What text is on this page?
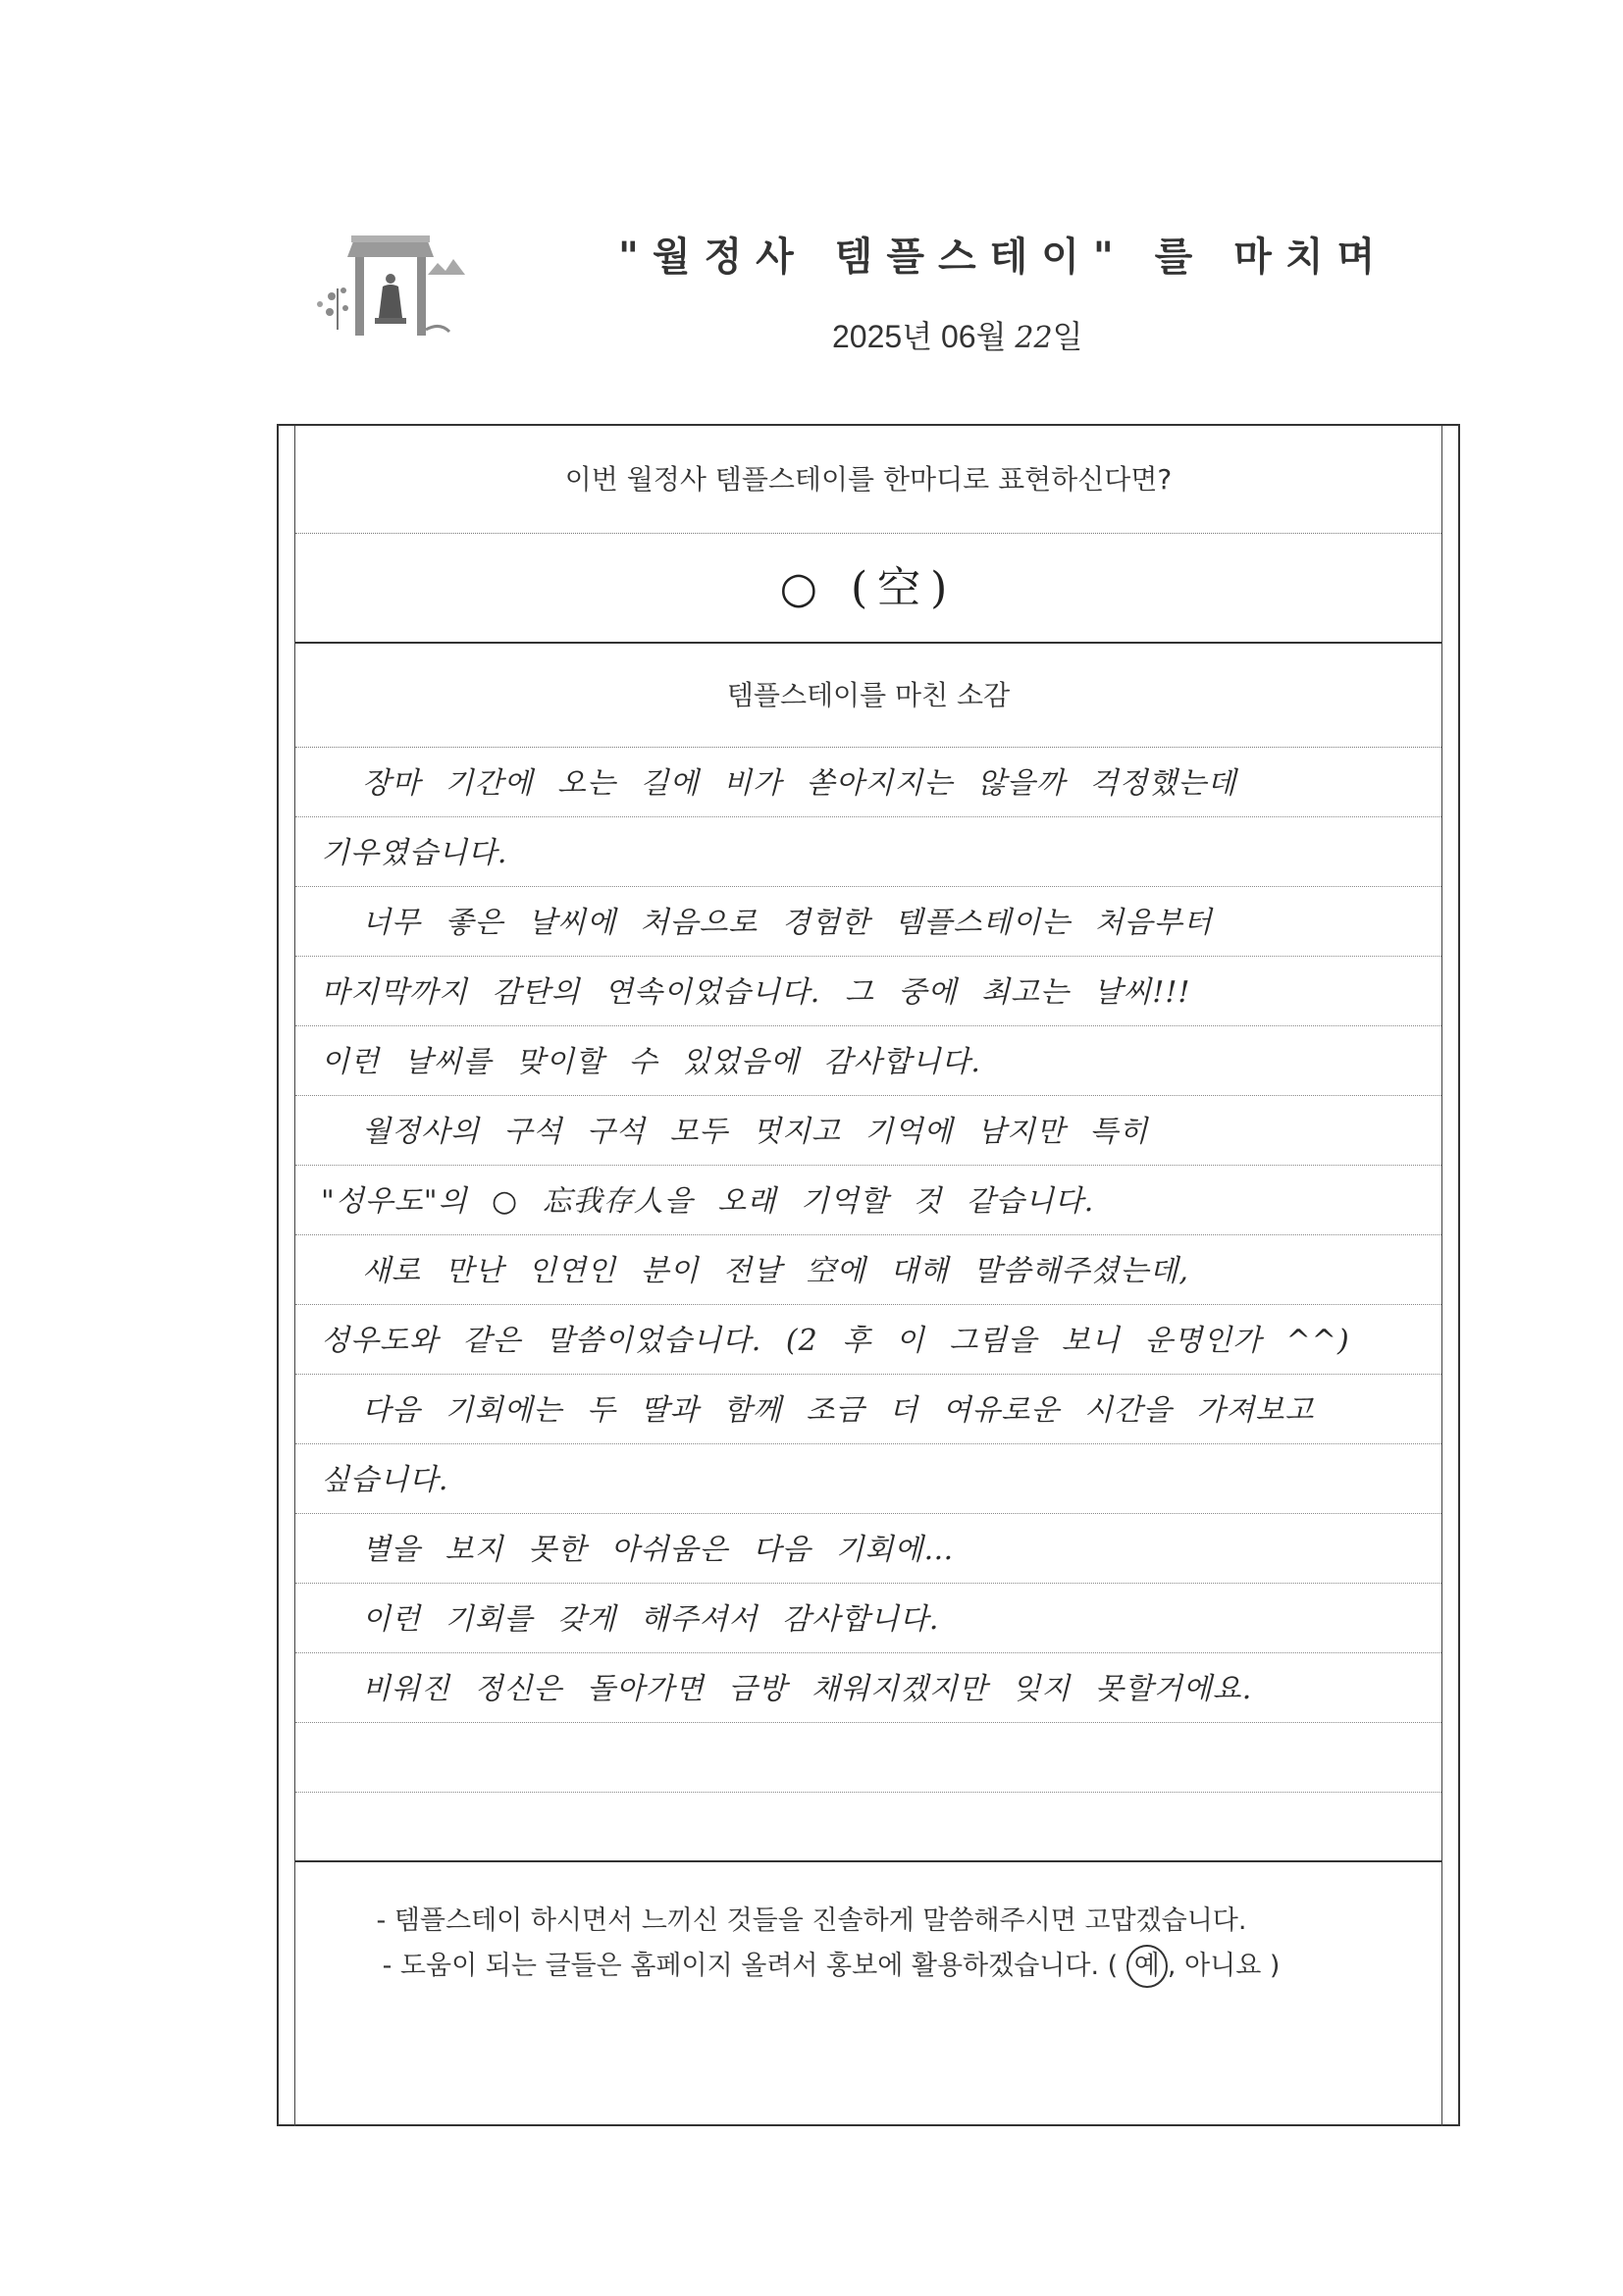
"월정사 템플스테이" 를 마치며
2025년 06월 22일
이번 월정사 템플스테이를 한마디로 표현하신다면?
○ (空)
템플스테이를 마친 소감
장마 기간에 오는 길에 비가 쏟아지지는 않을까 걱정했는데
기우였습니다.
너무 좋은 날씨에 처음으로 경험한 템플스테이는 처음부터
마지막까지 감탄의 연속이었습니다. 그 중에 최고는 날씨!!!
이런 날씨를 맞이할 수 있었음에 감사합니다.
월정사의 구석 구석 모두 멋지고 기억에 남지만 특히
"성우도"의 ○ 忘我存人을 오래 기억할 것 같습니다.
새로 만난 인연인 분이 전날 空에 대해 말씀해주셨는데,
성우도와 같은 말씀이었습니다. (2 후 이 그림을 보니 운명인가 ^^)
다음 기회에는 두 딸과 함께 조금 더 여유로운 시간을 가져보고
싶습니다.
별을 보지 못한 아쉬움은 다음 기회에…
이런 기회를 갖게 해주셔서 감사합니다.
비워진 정신은 돌아가면 금방 채워지겠지만 잊지 못할거에요.
- 템플스테이 하시면서 느끼신 것들을 진솔하게 말씀해주시면 고맙겠습니다.
- 도움이 되는 글들은 홈페이지 올려서 홍보에 활용하겠습니다. ( 예 , 아니요 )
